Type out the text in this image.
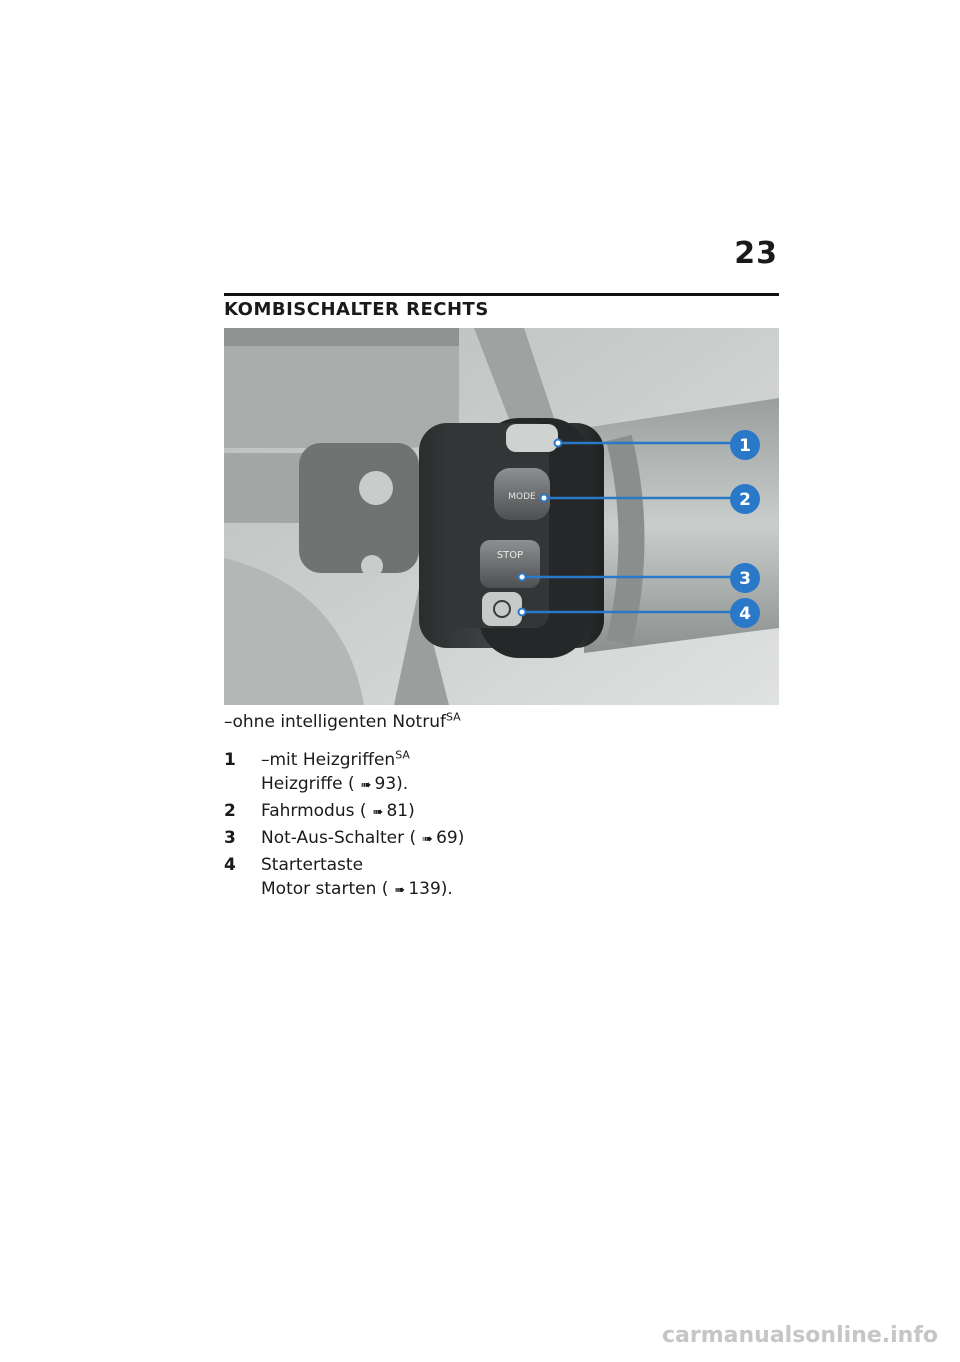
23
KOMBISCHALTER RECHTS
MODE
STOP
1
2
3
4
–ohne intelligenten Notruf$^{SA}$
1	–mit Heizgriffen$^{SA}$
Heizgriffe ( ➠ 93).
2	Fahrmodus ( ➠ 81)
3	Not-Aus-Schalter ( ➠ 69)
4	Startertaste
Motor starten ( ➠ 139).
carmanualsonline.info
